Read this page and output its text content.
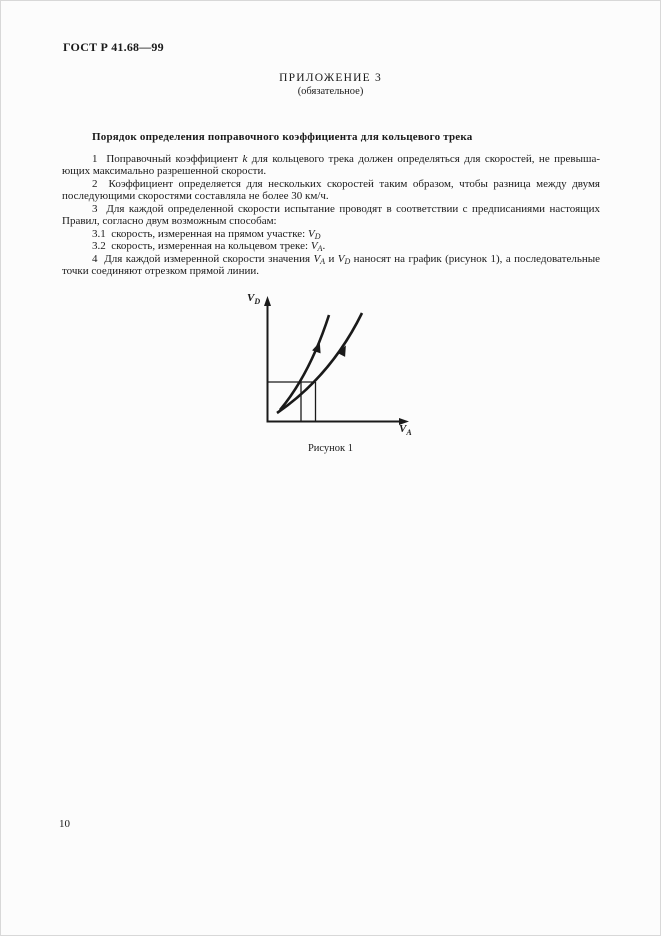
ГОСТ Р 41.68—99
ПРИЛОЖЕНИЕ 3
(обязательное)
Порядок определения поправочного коэффициента для кольцевого трека
1  Поправочный коэффициент k для кольцевого трека должен определяться для скоростей, не превыша-
ющих максимально разрешенной скорости.
2  Коэффициент определяется для нескольких скоростей таким образом, чтобы разница между двумя
последующими скоростями составляла не более 30 км/ч.
3  Для каждой определенной скорости испытание проводят в соответствии с предписаниями настоящих
Правил, согласно двум возможным способам:
3.1  скорость, измеренная на прямом участке: VD
3.2  скорость, измеренная на кольцевом треке: VA.
4  Для каждой измеренной скорости значения VA и VD наносят на график (рисунок 1), а последовательные
точки соединяют отрезком прямой линии.
$V_D$
$V_A$
Рисунок 1
10
